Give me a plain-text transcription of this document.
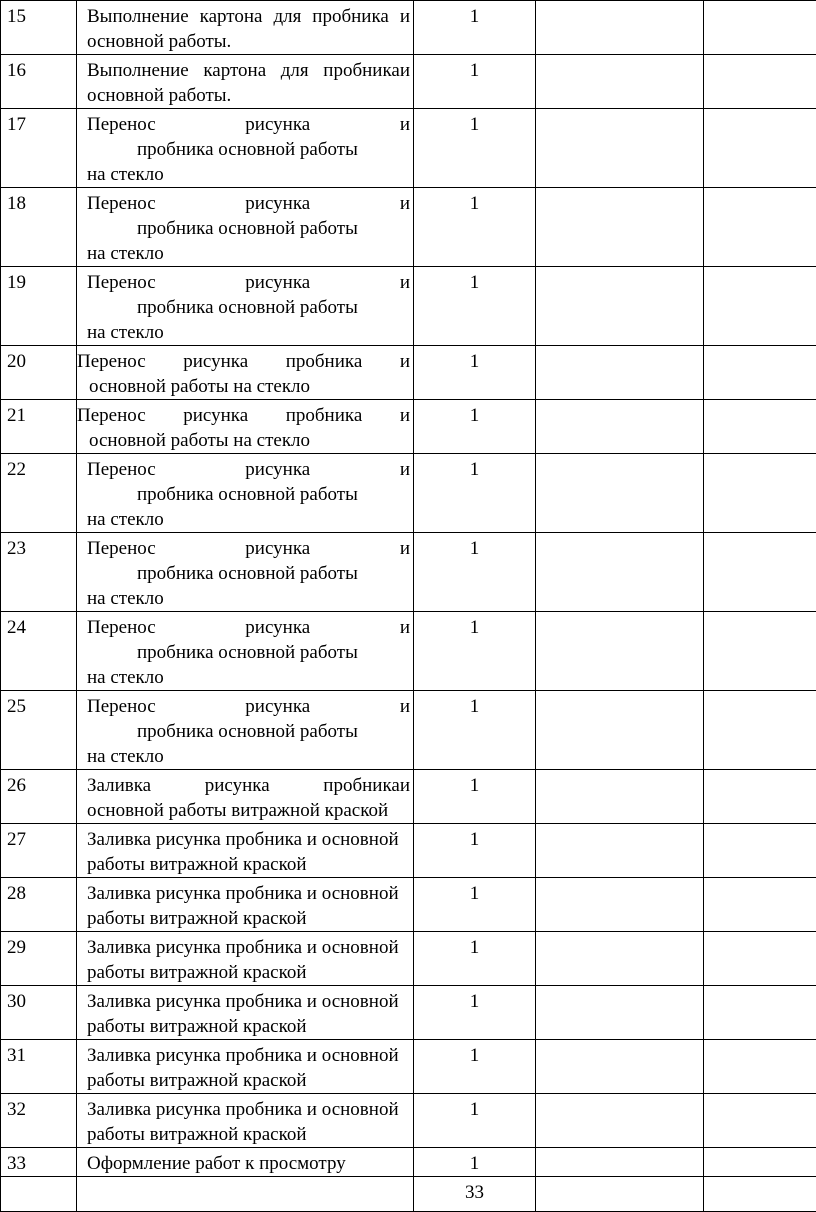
15	Выполнение картона для пробника и
основной работы.	1		
16	Выполнение картона для пробникаи
основной работы.	1		
17	Перенос рисунка и
пробника основной работы
на стекло	1		
18	Перенос рисунка и
пробника основной работы
на стекло	1		
19	Перенос рисунка и
пробника основной работы
на стекло	1		
20	Перенос рисунка пробника и
основной работы на стекло	1		
21	Перенос рисунка пробника и
основной работы на стекло	1		
22	Перенос рисунка и
пробника основной работы
на стекло	1		
23	Перенос рисунка и
пробника основной работы
на стекло	1		
24	Перенос рисунка и
пробника основной работы
на стекло	1		
25	Перенос рисунка и
пробника основной работы
на стекло	1		
26	Заливка рисунка пробникаи
основной работы витражной краской	1		
27	Заливка рисунка пробника и основной
работы витражной краской	1		
28	Заливка рисунка пробника и основной
работы витражной краской	1		
29	Заливка рисунка пробника и основной
работы витражной краской	1		
30	Заливка рисунка пробника и основной
работы витражной краской	1		
31	Заливка рисунка пробника и основной
работы витражной краской	1		
32	Заливка рисунка пробника и основной
работы витражной краской	1		
33	Оформление работ к просмотру	1		
		33		
